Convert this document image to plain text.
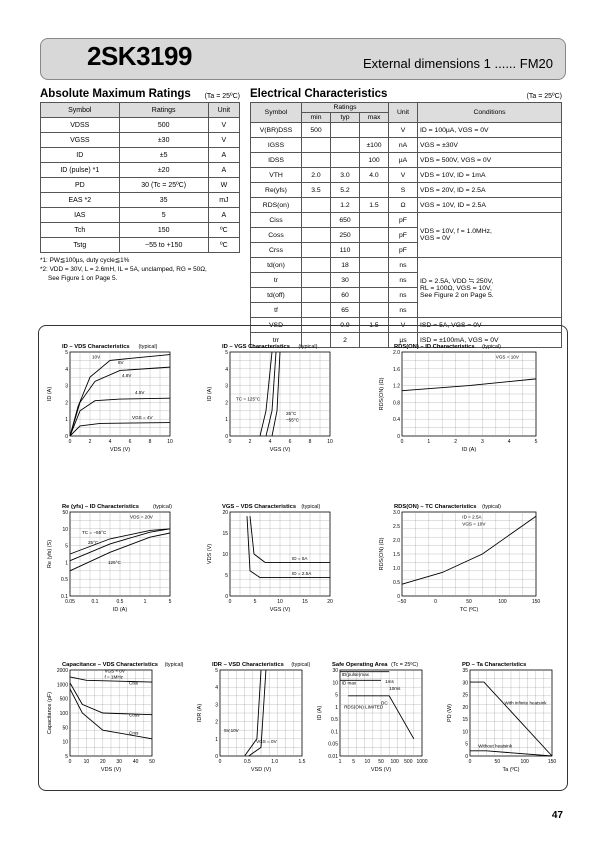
2SK3199	External dimensions 1 ...... FM20
Absolute Maximum Ratings (Ta = 25ºC)
Symbol	Ratings	Unit
VDSS	500	V
VGSS	±30	V
ID	±5	A
ID (pulse) *1	±20	A
PD	30 (Tc = 25ºC)	W
EAS *2	35	mJ
IAS	5	A
Tch	150	ºC
Tstg	−55 to +150	ºC
*1: PW≦100µs, duty cycle≦1%
*2: VDD = 30V, L = 2.6mH, IL = 5A, unclamped, RG = 50Ω,
See Figure 1 on Page 5.
Electrical Characteristics	(Ta = 25ºC)
Symbol	Ratings			Unit	Conditions
	min	typ	max		
V(BR)DSS	500			V	ID = 100µA, VGS = 0V
IGSS			±100	nA	VGS = ±30V
IDSS			100	µA	VDS = 500V, VGS = 0V
VTH	2.0	3.0	4.0	V	VDS = 10V, ID = 1mA
Re(yfs)	3.5	5.2		S	VDS = 20V, ID = 2.5A
RDS(on)		1.2	1.5	Ω	VGS = 10V, ID = 2.5A
Ciss		650		pF	VDS = 10V, f = 1.0MHz,
VGS = 0V

Coss		250		pF	
Crss		110		pF	
td(on)		18		ns	ID = 2.5A, VDD ≒ 250V,
RL = 100Ω, VGS = 10V,
See Figure 2 on Page 5.

tr		30		ns	
td(off)		60		ns	
tf		65		ns	
VSD		0.9	1.5	V	ISD = 5A, VGS = 0V
trr		2		µs	ISD = ±100mA, VGS = 0V
ID – VDS Characteristics (typical)
0
1
2
3
4
5
0	2	4	6	8	10
VDS (V)
ID (A)
10V
6V
4.8V
4.5V
VGS = 4V
ID – VGS Characteristics (typical)
0
1
2
3
4
5
0	2	4	6	8	10
VGS (V)
ID (A)	TC = 125°C
25°C
−55°C
RDS(ON) – ID Characteristics (typical)
0
0.4
0.8
1.2
1.6
2.0
0	1	2	3	4	5
ID (A)
RDS(ON) (Ω)
VGS = 10V
Re (yfs) – ID Characteristics	(typical)
0.1
0.5
1
5
10
50
0.05	0.1	0.5	1	5
ID (A)
Re (yfs) (S)
VDS = 20V
TC = −55°C
25°C
125°C
VGS – VDS Characteristics (typical)
0
5
10
15
20
0	5	10	15	20
VGS (V)
VDS (V)	ID = 5A
ID = 2.5A
RDS(ON) – TC Characteristics (typical)
0
0.5
1.0
1.5
2.0
2.5
3.0
−50	0	50	100	150
TC (ºC)
RDS(ON) (Ω)
ID = 2.5A
VGS = 10V
Capacitance – VDS Characteristics (typical)
5
10
50
100
500
1000
2000
0 10 20 30 40 50
VDS (V)
Capacitance (pF)
VGS = 0V
f = 1MHz
Ciss
Coss
Crss
IDR – VSD Characteristics (typical)
0
1
2
3
4
5
0	0.5	1.0	1.5
VSD (V)
IDR (A)
5V,10V
VGS = 0V
Safe Operating Area (Tc = 25ºC)
0.01
0.05
0.1
0.5
1
5
10
30
1 5 10 50 100 500 1000
VDS (V)
ID (A)
ID(pulse)max
ID max	1ms
10ms
DC
RDS(ON) LIMITED
PD – Ta Characteristics
0
5
10
15
20
25
30
35
0	50	100	150
Ta (ºC)
PD (W)
With infinite heatsink
Without heatsink
47
